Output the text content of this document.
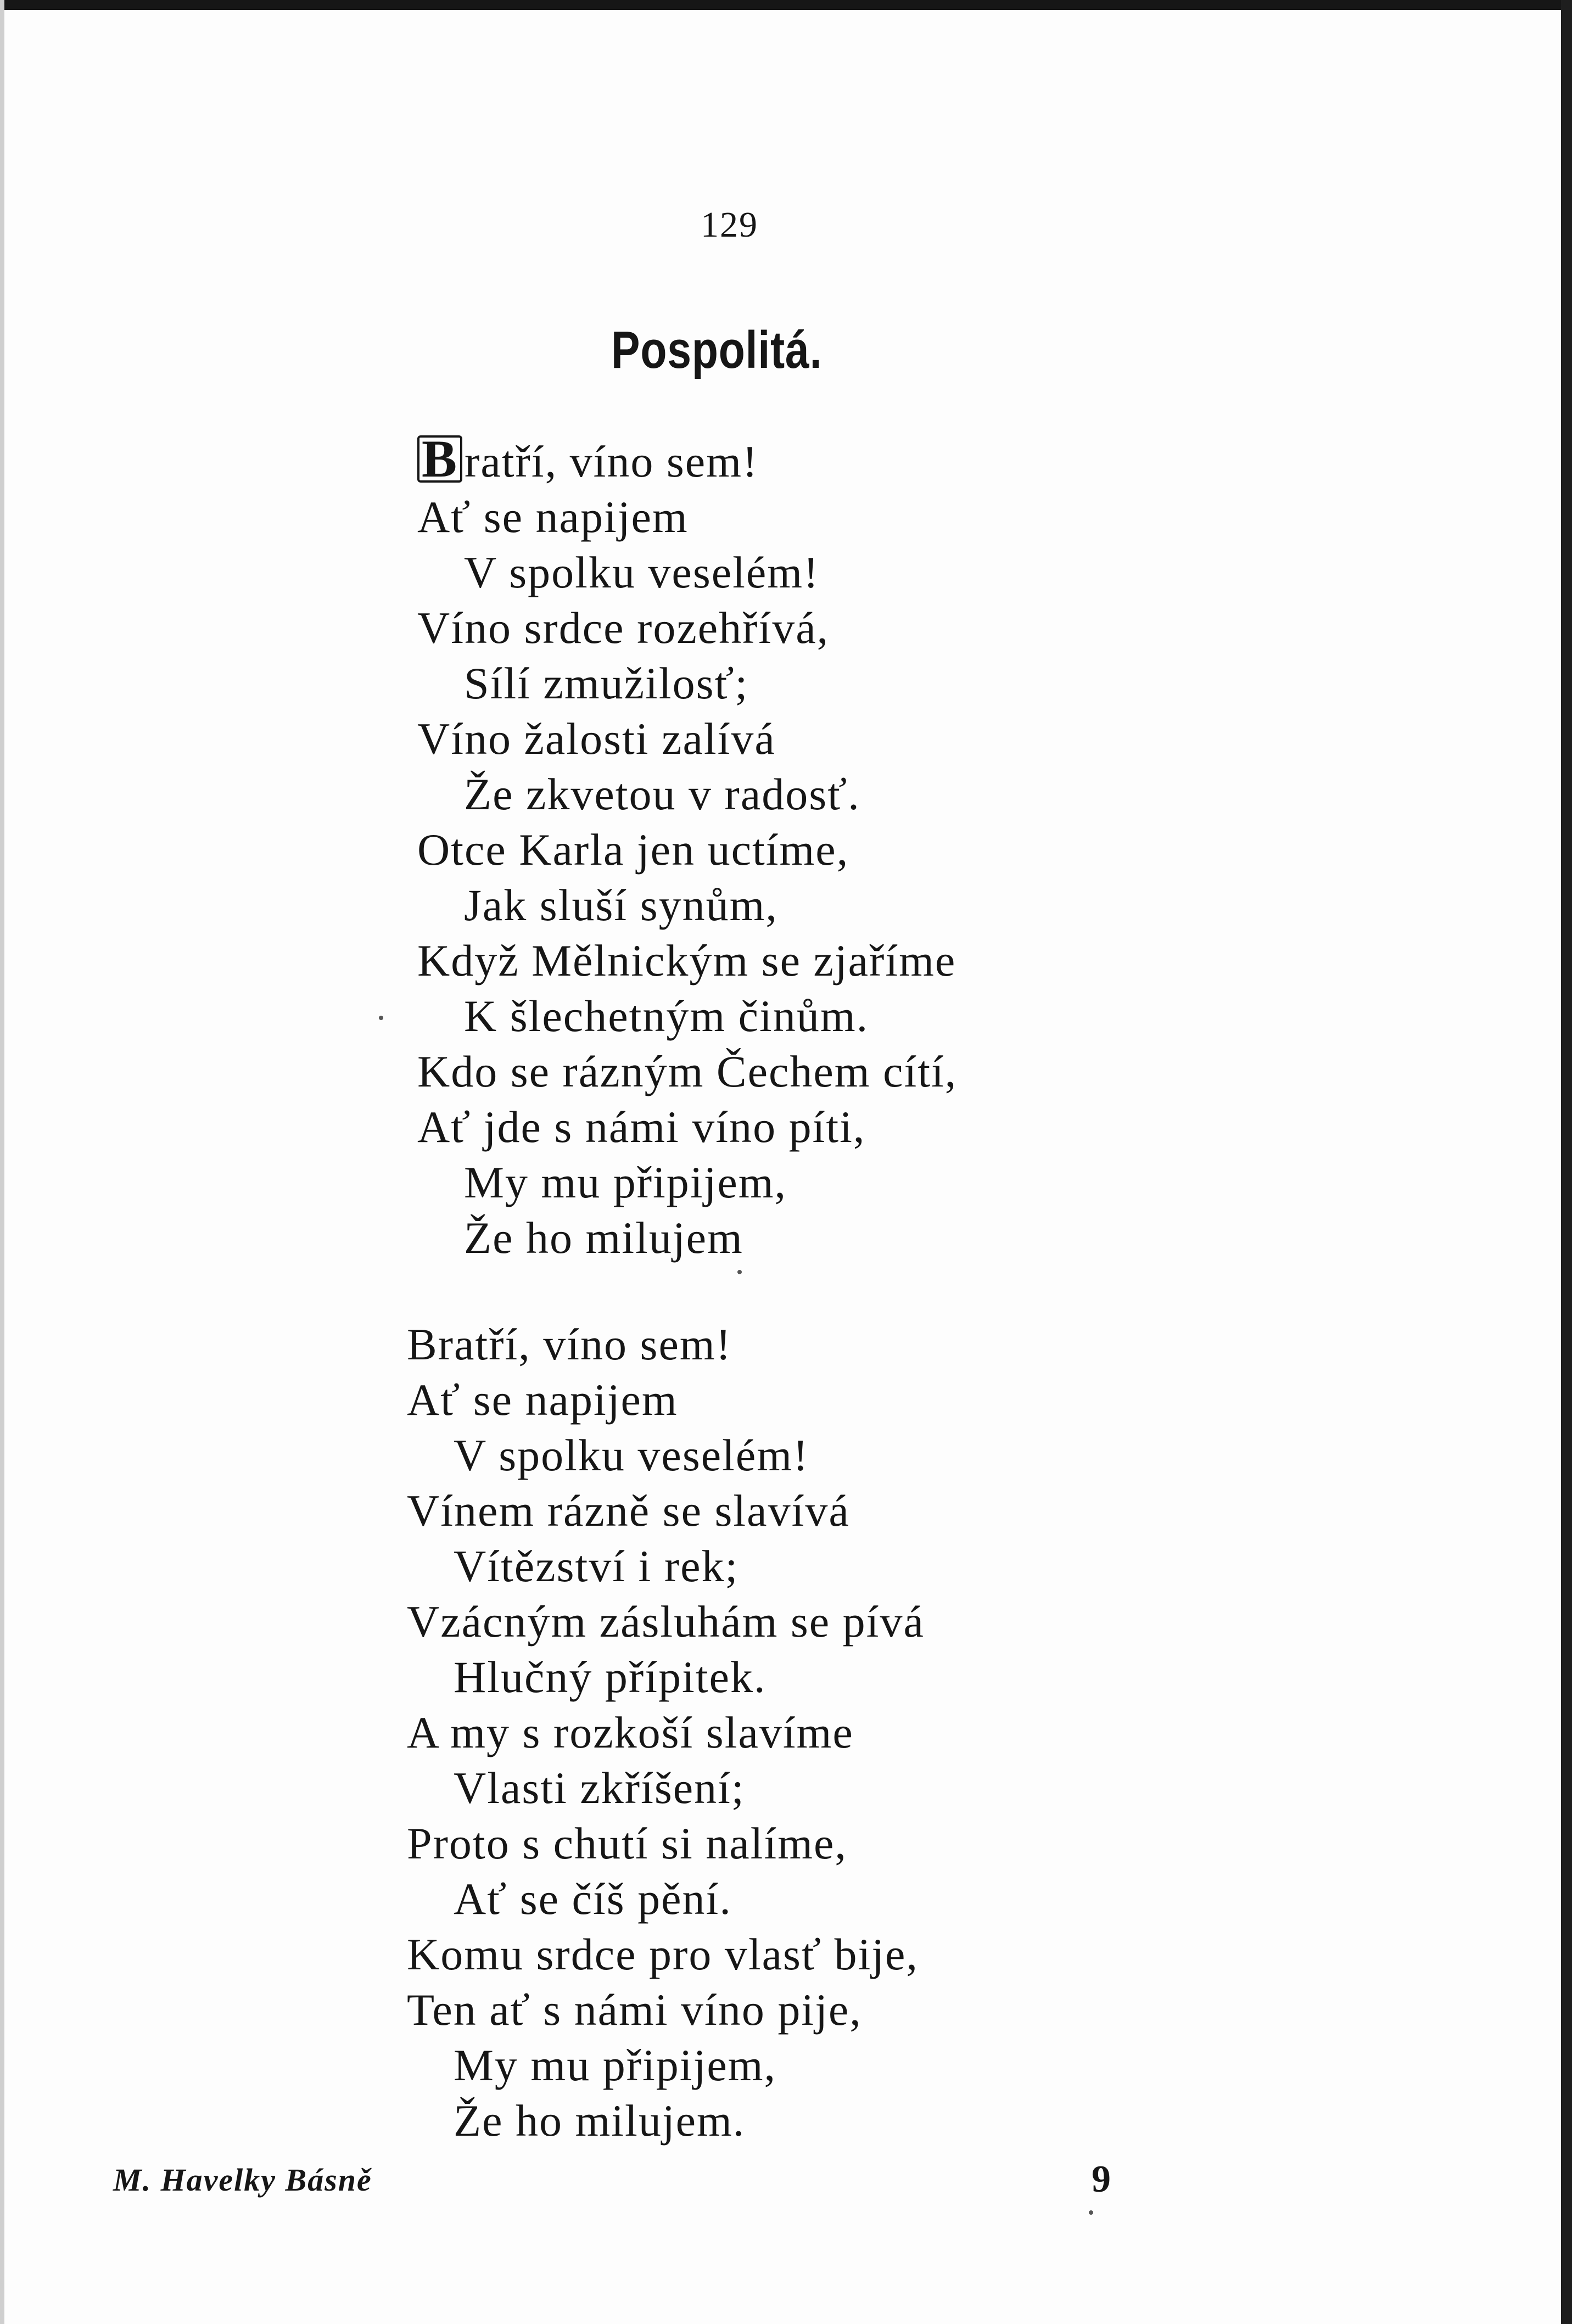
129
Pospolitá.
B ratří, víno sem!
Ať se napijem
V spolku veselém!
Víno srdce rozehřívá,
Sílí zmužilosť;
Víno žalosti zalívá
Že zkvetou v radosť.
Otce Karla jen uctíme,
Jak sluší synům,
Když Mělnickým se zjaříme
K šlechetným činům.
Kdo se rázným Čechem cítí,
Ať jde s námi víno píti,
My mu připijem,
Že ho milujem
Bratří, víno sem!
Ať se napijem
V spolku veselém!
Vínem rázně se slavívá
Vítězství i rek;
Vzácným zásluhám se pívá
Hlučný přípitek.
A my s rozkoší slavíme
Vlasti zkříšení;
Proto s chutí si nalíme,
Ať se číš pění.
Komu srdce pro vlasť bije,
Ten ať s námi víno pije,
My mu připijem,
Že ho milujem.
M. Havelky Básně	9
